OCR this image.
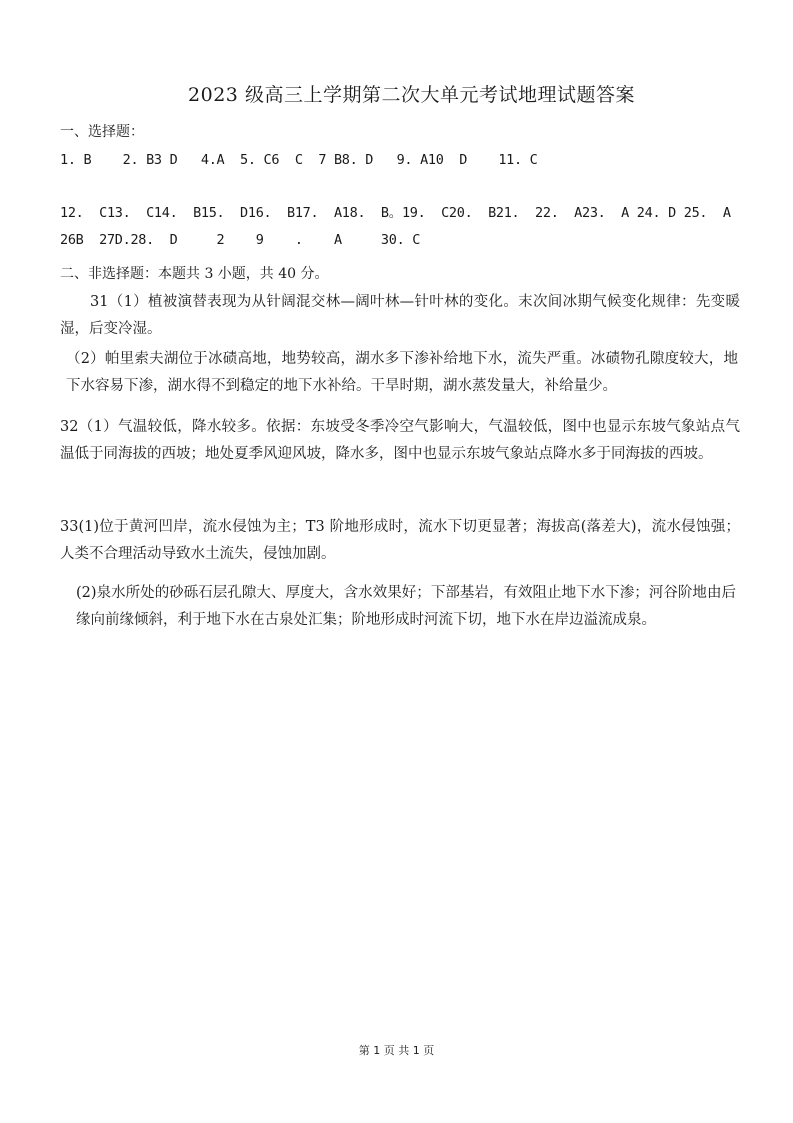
2023 级高三上学期第二次大单元考试地理试题答案
一、选择题：
1. B    2. B3 D   4.A  5. C6  C  7 B8. D   9. A10  D    11. C
12.  C13.  C14.  B15.  D16.  B17.  A18.  B。19.  C20.  B21.  22.  A23.  A 24. D 25.  A
26B  27D.28.  D     2    9    .    A     30. C
二、非选择题：本题共 3 小题，共 40 分。
31（1）植被演替表现为从针阔混交林—阔叶林—针叶林的变化。末次间冰期气候变化规律：先变暖湿，后变冷湿。
（2）帕里索夫湖位于冰碛高地，地势较高，湖水多下渗补给地下水，流失严重。冰碛物孔隙度较大，地下水容易下渗，湖水得不到稳定的地下水补给。干旱时期，湖水蒸发量大，补给量少。
32（1）气温较低，降水较多。依据：东坡受冬季冷空气影响大，气温较低，图中也显示东坡气象站点气温低于同海拔的西坡；地处夏季风迎风坡，降水多，图中也显示东坡气象站点降水多于同海拔的西坡。
33(1)位于黄河凹岸，流水侵蚀为主；T3 阶地形成时，流水下切更显著；海拔高(落差大)，流水侵蚀强；人类不合理活动导致水土流失，侵蚀加剧。
(2)泉水所处的砂砾石层孔隙大、厚度大，含水效果好；下部基岩，有效阻止地下水下渗；河谷阶地由后缘向前缘倾斜，利于地下水在古泉处汇集；阶地形成时河流下切，地下水在岸边溢流成泉。
第 1 页 共 1 页
